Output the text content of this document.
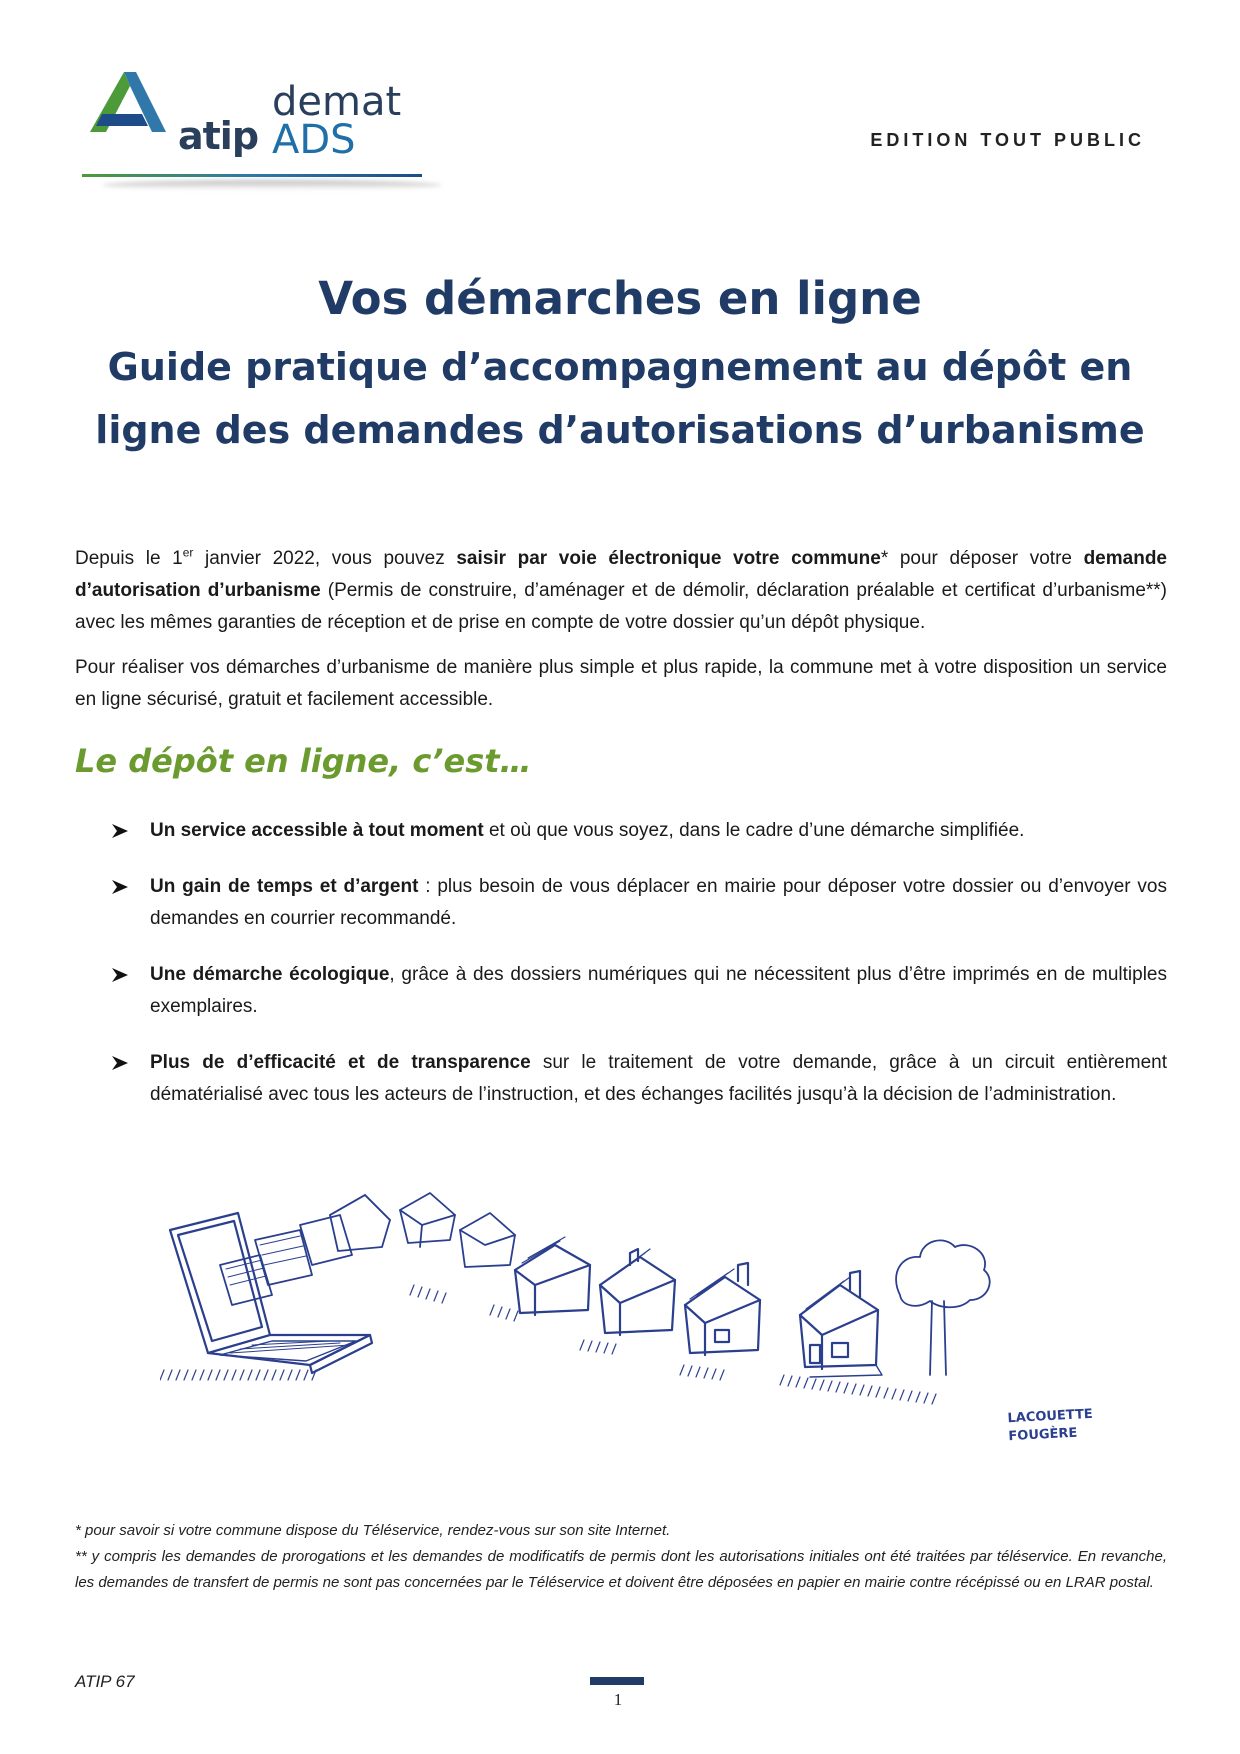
atip
demat
ADS	EDITION TOUT PUBLIC
Vos démarches en ligne
Guide pratique d’accompagnement au dépôt en
ligne des demandes d’autorisations d’urbanisme
Depuis le 1er janvier 2022, vous pouvez saisir par voie électronique votre commune* pour déposer votre demande d’autorisation d’urbanisme (Permis de construire, d’aménager et de démolir, déclaration préalable et certificat d’urbanisme**) avec les mêmes garanties de réception et de prise en compte de votre dossier qu’un dépôt physique.
Pour réaliser vos démarches d’urbanisme de manière plus simple et plus rapide, la commune met à votre disposition un service en ligne sécurisé, gratuit et facilement accessible.
Le dépôt en ligne, c’est…
Un service accessible à tout moment et où que vous soyez, dans le cadre d’une démarche simplifiée.
Un gain de temps et d’argent : plus besoin de vous déplacer en mairie pour déposer votre dossier ou d’envoyer vos demandes en courrier recommandé.
Une démarche écologique, grâce à des dossiers numériques qui ne nécessitent plus d’être imprimés en de multiples exemplaires.
Plus de d’efficacité et de transparence sur le traitement de votre demande, grâce à un circuit entièrement dématérialisé avec tous les acteurs de l’instruction, et des échanges facilités jusqu’à la décision de l’administration.
LACOUETTE
FOUGÈRE

* pour savoir si votre commune dispose du Téléservice, rendez-vous sur son site Internet.

** y compris les demandes de prorogations et les demandes de modificatifs de permis dont les autorisations initiales ont été traitées par téléservice. En revanche, les demandes de transfert de permis ne sont pas concernées par le Téléservice et doivent être déposées en papier en mairie contre récépissé ou en LRAR postal.

ATIP 67
1
